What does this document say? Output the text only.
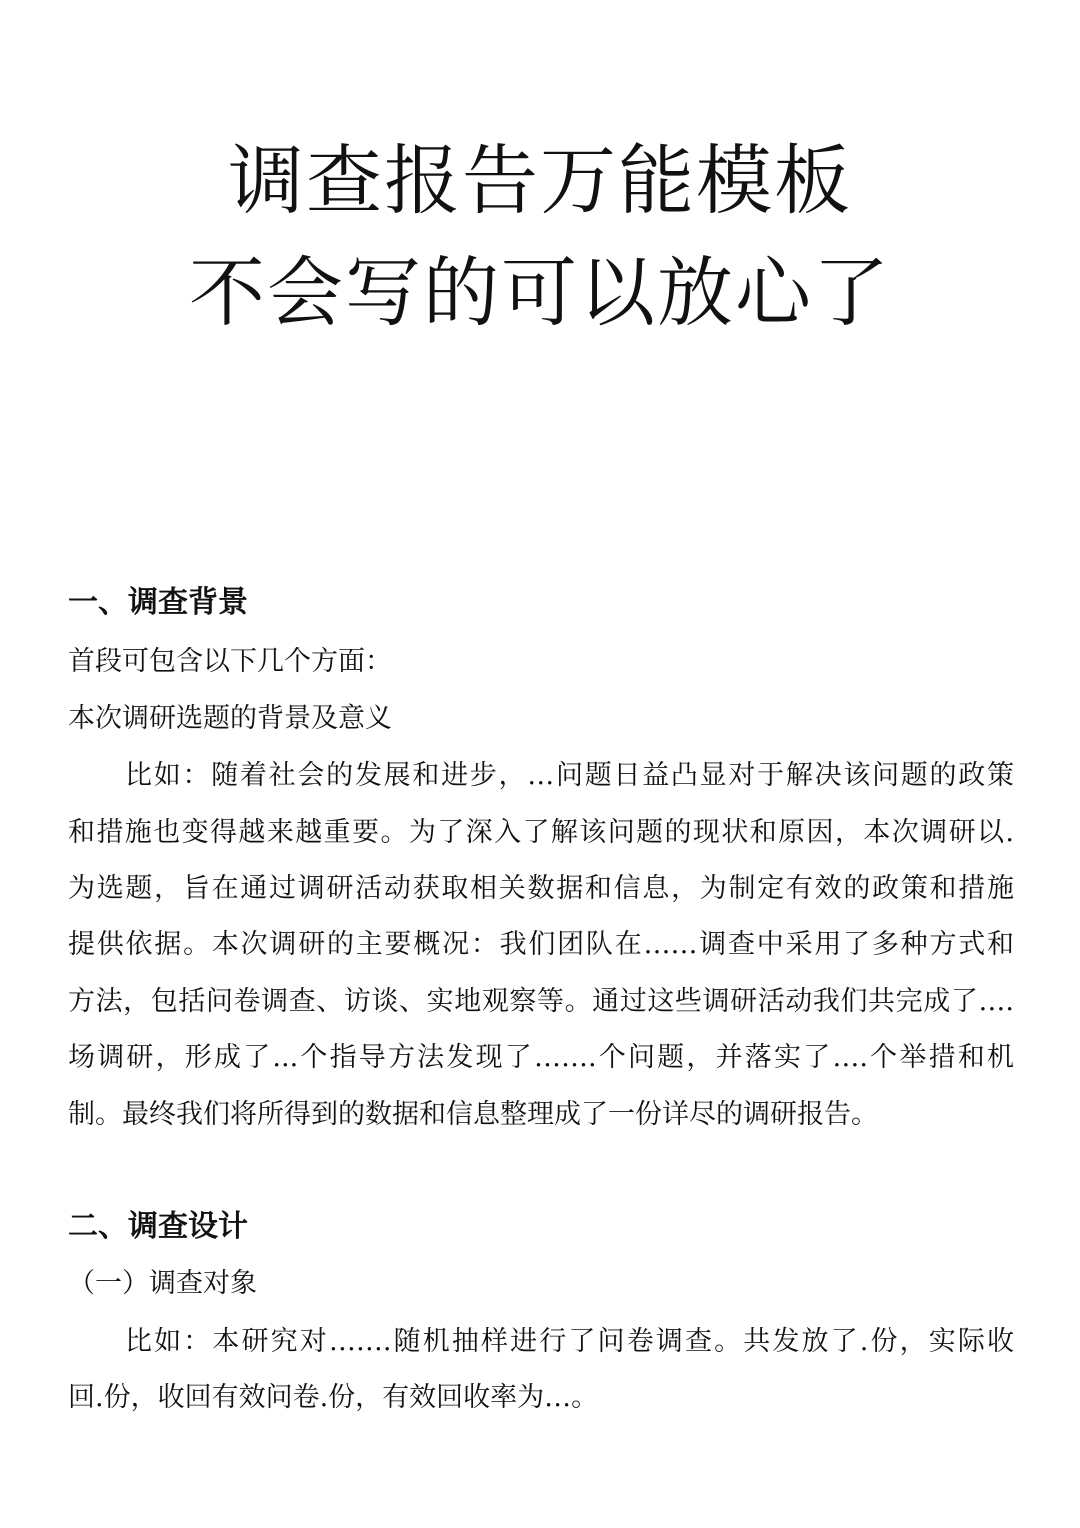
调查报告万能模板
不会写的可以放心了
一、调查背景

首段可包含以下几个方面：

本次调研选题的背景及意义

比如：随着社会的发展和进步，…问题日益凸显对于解决该问题的政策

和措施也变得越来越重要。为了深入了解该问题的现状和原因，本次调研以.

为选题，旨在通过调研活动获取相关数据和信息，为制定有效的政策和措施

提供依据。本次调研的主要概况：我们团队在……调查中采用了多种方式和

方法，包括问卷调查、访谈、实地观察等。通过这些调研活动我们共完成了….

场调研，形成了...个指导方法发现了…….个问题，并落实了….个举措和机

制。最终我们将所得到的数据和信息整理成了一份详尽的调研报告。

二、调查设计

（一）调查对象

比如：本研究对…….随机抽样进行了问卷调查。共发放了.份，实际收

回.份，收回有效问卷.份，有效回收率为…。
